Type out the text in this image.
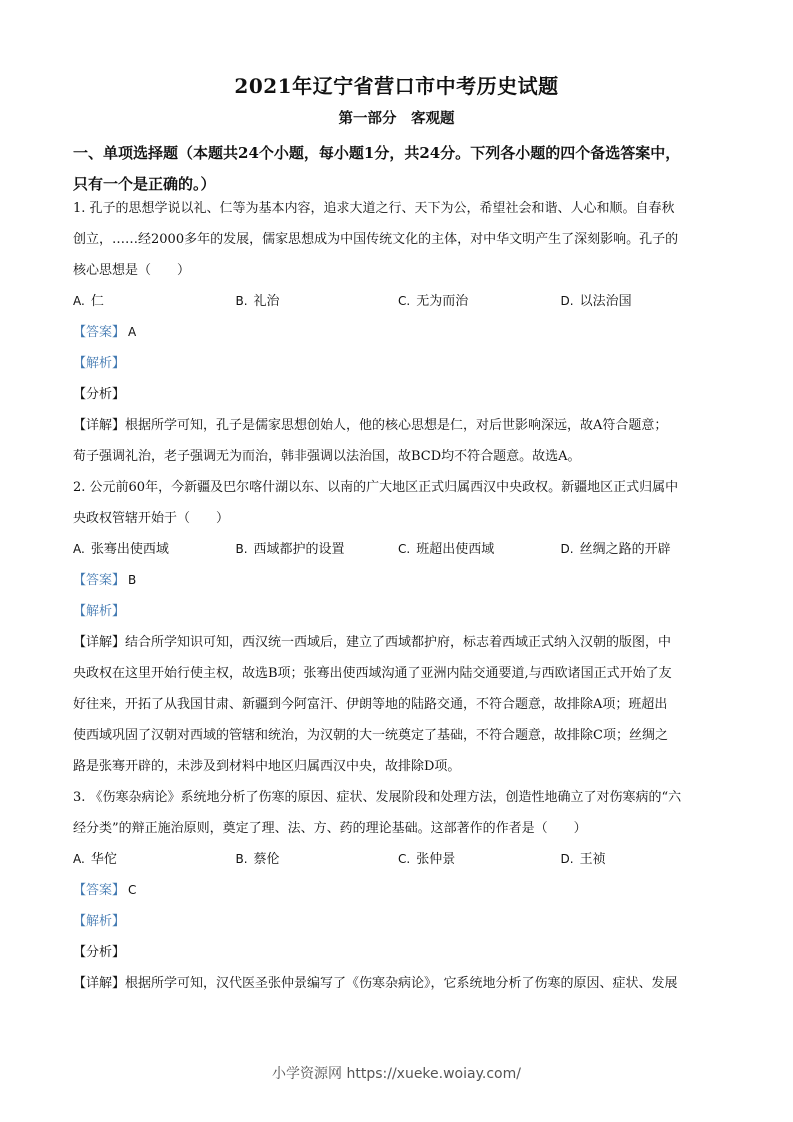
2021年辽宁省营口市中考历史试题
第一部分　客观题
一、单项选择题（本题共24个小题，每小题1分，共24分。下列各小题的四个备选答案中，
只有一个是正确的。）
1. 孔子的思想学说以礼、仁等为基本内容，追求大道之行、天下为公，希望社会和谐、人心和顺。自春秋
创立，……经2000多年的发展，儒家思想成为中国传统文化的主体，对中华文明产生了深刻影响。孔子的
核心思想是（　　）
A. 仁	B. 礼治	C. 无为而治	D. 以法治国
【答案】 A
【解析】
【分析】
【详解】根据所学可知，孔子是儒家思想创始人，他的核心思想是仁，对后世影响深远，故A符合题意；
荀子强调礼治，老子强调无为而治，韩非强调以法治国，故BCD均不符合题意。故选A。
2. 公元前60年，今新疆及巴尔喀什湖以东、以南的广大地区正式归属西汉中央政权。新疆地区正式归属中
央政权管辖开始于（　　）
A. 张骞出使西域	B. 西域都护的设置	C. 班超出使西域	D. 丝绸之路的开辟
【答案】 B
【解析】
【详解】结合所学知识可知，西汉统一西域后，建立了西域都护府，标志着西域正式纳入汉朝的版图，中
央政权在这里开始行使主权，故选B项；张骞出使西域沟通了亚洲内陆交通要道,与西欧诸国正式开始了友
好往来，开拓了从我国甘肃、新疆到今阿富汗、伊朗等地的陆路交通，不符合题意，故排除A项；班超出
使西域巩固了汉朝对西域的管辖和统治，为汉朝的大一统奠定了基础，不符合题意，故排除C项；丝绸之
路是张骞开辟的，未涉及到材料中地区归属西汉中央，故排除D项。
3. 《伤寒杂病论》系统地分析了伤寒的原因、症状、发展阶段和处理方法，创造性地确立了对伤寒病的“六
经分类”的辩正施治原则，奠定了理、法、方、药的理论基础。这部著作的作者是（　　）
A. 华佗	B. 蔡伦	C. 张仲景	D. 王祯
【答案】 C
【解析】
【分析】
【详解】根据所学可知，汉代医圣张仲景编写了《伤寒杂病论》，它系统地分析了伤寒的原因、症状、发展
小学资源网 https://xueke.woiay.com/
